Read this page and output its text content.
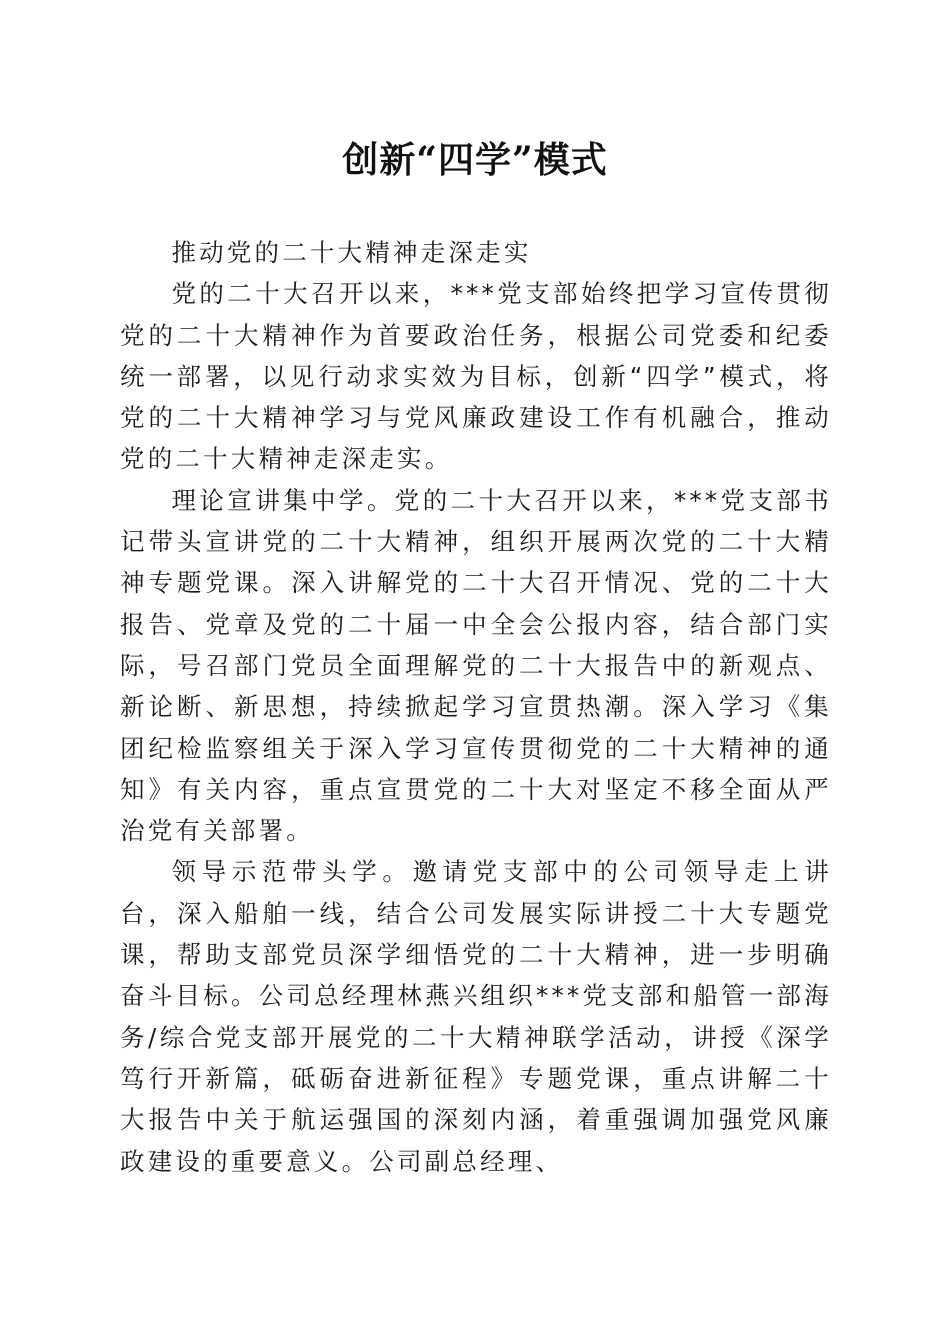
创新“四学”模式

推动党的二十大精神走深走实

党的二十大召开以来，***党支部始终把学习宣传贯彻党的二十大精神作为首要政治任务，根据公司党委和纪委统一部署，以见行动求实效为目标，创新“四学”模式，将党的二十大精神学习与党风廉政建设工作有机融合，推动党的二十大精神走深走实。

理论宣讲集中学。党的二十大召开以来，***党支部书记带头宣讲党的二十大精神，组织开展两次党的二十大精神专题党课。深入讲解党的二十大召开情况、党的二十大报告、党章及党的二十届一中全会公报内容，结合部门实际，号召部门党员全面理解党的二十大报告中的新观点、新论断、新思想，持续掀起学习宣贯热潮。深入学习《集团纪检监察组关于深入学习宣传贯彻党的二十大精神的通知》有关内容，重点宣贯党的二十大对坚定不移全面从严治党有关部署。

领导示范带头学。邀请党支部中的公司领导走上讲台，深入船舶一线，结合公司发展实际讲授二十大专题党课，帮助支部党员深学细悟党的二十大精神，进一步明确奋斗目标。公司总经理林燕兴组织***党支部和船管一部海务/综合党支部开展党的二十大精神联学活动，讲授《深学笃行开新篇，砥砺奋进新征程》专题党课，重点讲解二十大报告中关于航运强国的深刻内涵，着重强调加强党风廉政建设的重要意义。公司副总经理、
